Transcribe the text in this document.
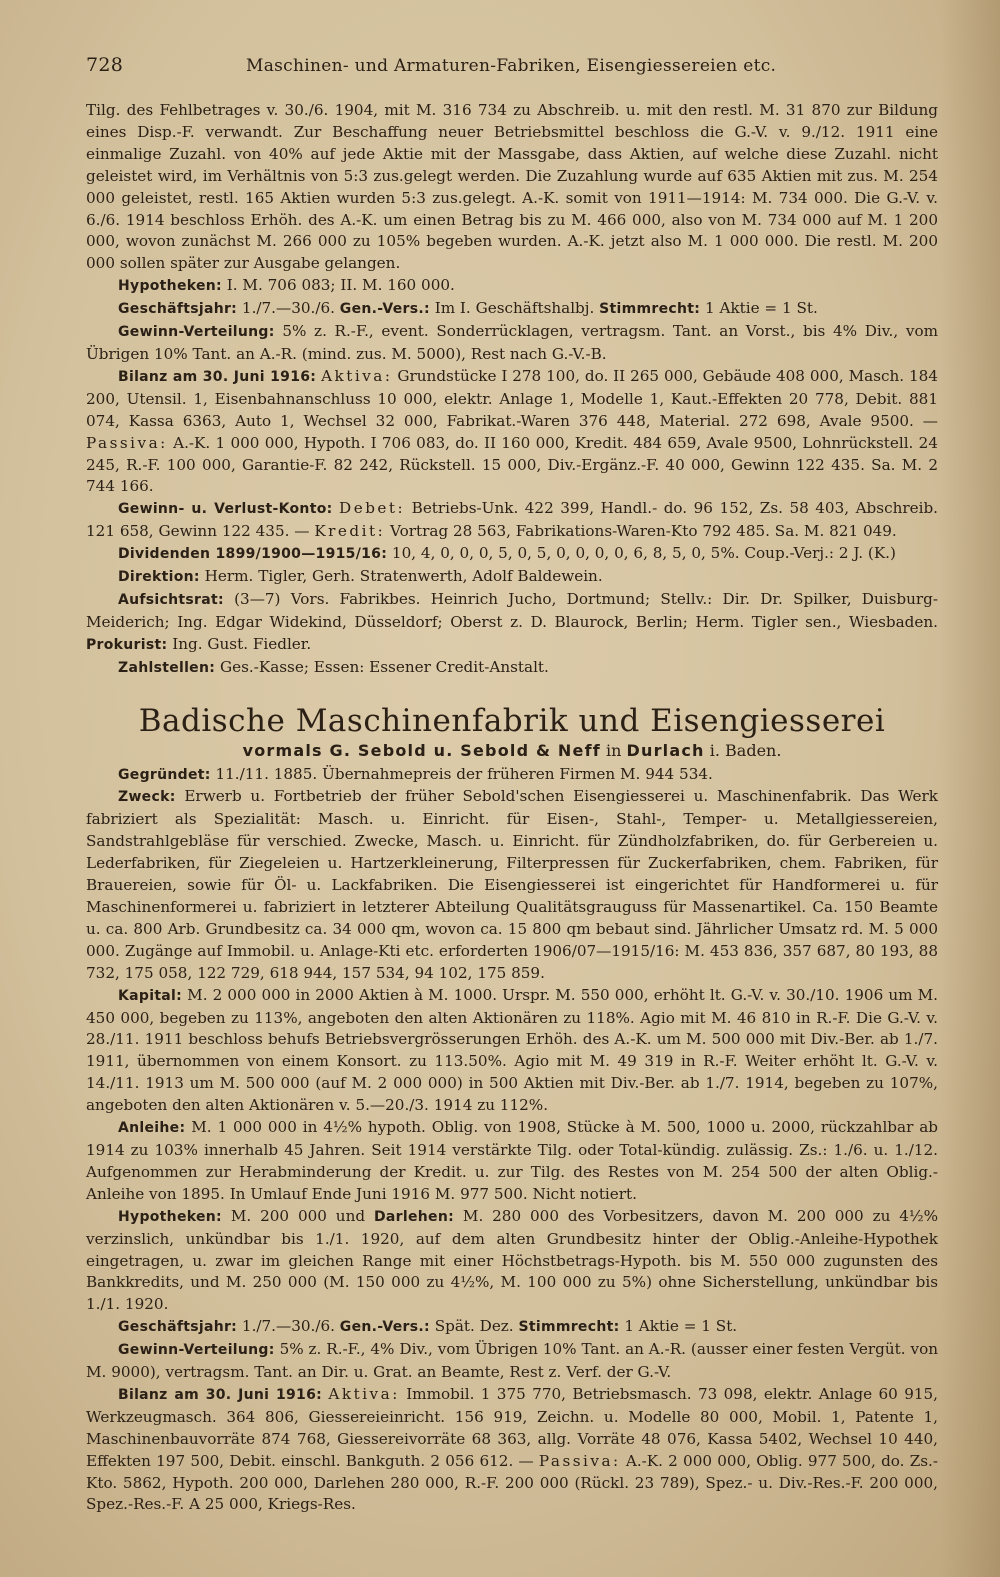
728	Maschinen- und Armaturen-Fabriken, Eisengiessereien etc.

Tilg. des Fehlbetrages v. 30./6. 1904, mit M. 316 734 zu Abschreib. u. mit den restl. M. 31 870 zur Bildung eines Disp.-F. verwandt. Zur Beschaffung neuer Betriebsmittel beschloss die G.-V. v. 9./12. 1911 eine einmalige Zuzahl. von 40% auf jede Aktie mit der Massgabe, dass Aktien, auf welche diese Zuzahl. nicht geleistet wird, im Verhältnis von 5:3 zus.gelegt werden. Die Zuzahlung wurde auf 635 Aktien mit zus. M. 254 000 geleistet, restl. 165 Aktien wurden 5:3 zus.gelegt. A.-K. somit von 1911—1914: M. 734 000. Die G.-V. v. 6./6. 1914 beschloss Erhöh. des A.-K. um einen Betrag bis zu M. 466 000, also von M. 734 000 auf M. 1 200 000, wovon zunächst M. 266 000 zu 105% begeben wurden. A.-K. jetzt also M. 1 000 000. Die restl. M. 200 000 sollen später zur Ausgabe gelangen.

Hypotheken: I. M. 706 083; II. M. 160 000.

Geschäftsjahr: 1./7.—30./6. Gen.-Vers.: Im I. Geschäftshalbj. Stimmrecht: 1 Aktie = 1 St.

Gewinn-Verteilung: 5% z. R.-F., event. Sonderrücklagen, vertragsm. Tant. an Vorst., bis 4% Div., vom Übrigen 10% Tant. an A.-R. (mind. zus. M. 5000), Rest nach G.-V.-B.

Bilanz am 30. Juni 1916: Aktiva: Grundstücke I 278 100, do. II 265 000, Gebäude 408 000, Masch. 184 200, Utensil. 1, Eisenbahnanschluss 10 000, elektr. Anlage 1, Modelle 1, Kaut.-Effekten 20 778, Debit. 881 074, Kassa 6363, Auto 1, Wechsel 32 000, Fabrikat.-Waren 376 448, Material. 272 698, Avale 9500. — Passiva: A.-K. 1 000 000, Hypoth. I 706 083, do. II 160 000, Kredit. 484 659, Avale 9500, Lohnrückstell. 24 245, R.-F. 100 000, Garantie-F. 82 242, Rückstell. 15 000, Div.-Ergänz.-F. 40 000, Gewinn 122 435. Sa. M. 2 744 166.

Gewinn- u. Verlust-Konto: Debet: Betriebs-Unk. 422 399, Handl.- do. 96 152, Zs. 58 403, Abschreib. 121 658, Gewinn 122 435. — Kredit: Vortrag 28 563, Fabrikations-Waren-Kto 792 485. Sa. M. 821 049.

Dividenden 1899/1900—1915/16: 10, 4, 0, 0, 0, 5, 0, 5, 0, 0, 0, 0, 6, 8, 5, 0, 5%. Coup.-Verj.: 2 J. (K.)

Direktion: Herm. Tigler, Gerh. Stratenwerth, Adolf Baldewein.

Aufsichtsrat: (3—7) Vors. Fabrikbes. Heinrich Jucho, Dortmund; Stellv.: Dir. Dr. Spilker, Duisburg-Meiderich; Ing. Edgar Widekind, Düsseldorf; Oberst z. D. Blaurock, Berlin; Herm. Tigler sen., Wiesbaden. Prokurist: Ing. Gust. Fiedler.

Zahlstellen: Ges.-Kasse; Essen: Essener Credit-Anstalt.

Badische Maschinenfabrik und Eisengiesserei
vormals G. Sebold u. Sebold & Neff in Durlach i. Baden.

Gegründet: 11./11. 1885. Übernahmepreis der früheren Firmen M. 944 534.

Zweck: Erwerb u. Fortbetrieb der früher Sebold'schen Eisengiesserei u. Maschinenfabrik. Das Werk fabriziert als Spezialität: Masch. u. Einricht. für Eisen-, Stahl-, Temper- u. Metallgiessereien, Sandstrahlgebläse für verschied. Zwecke, Masch. u. Einricht. für Zündholzfabriken, do. für Gerbereien u. Lederfabriken, für Ziegeleien u. Hartzerkleinerung, Filterpressen für Zuckerfabriken, chem. Fabriken, für Brauereien, sowie für Öl- u. Lackfabriken. Die Eisengiesserei ist eingerichtet für Handformerei u. für Maschinenformerei u. fabriziert in letzterer Abteilung Qualitätsgrauguss für Massenartikel. Ca. 150 Beamte u. ca. 800 Arb. Grundbesitz ca. 34 000 qm, wovon ca. 15 800 qm bebaut sind. Jährlicher Umsatz rd. M. 5 000 000. Zugänge auf Immobil. u. Anlage-Kti etc. erforderten 1906/07—1915/16: M. 453 836, 357 687, 80 193, 88 732, 175 058, 122 729, 618 944, 157 534, 94 102, 175 859.

Kapital: M. 2 000 000 in 2000 Aktien à M. 1000. Urspr. M. 550 000, erhöht lt. G.-V. v. 30./10. 1906 um M. 450 000, begeben zu 113%, angeboten den alten Aktionären zu 118%. Agio mit M. 46 810 in R.-F. Die G.-V. v. 28./11. 1911 beschloss behufs Betriebsvergrösserungen Erhöh. des A.-K. um M. 500 000 mit Div.-Ber. ab 1./7. 1911, übernommen von einem Konsort. zu 113.50%. Agio mit M. 49 319 in R.-F. Weiter erhöht lt. G.-V. v. 14./11. 1913 um M. 500 000 (auf M. 2 000 000) in 500 Aktien mit Div.-Ber. ab 1./7. 1914, begeben zu 107%, angeboten den alten Aktionären v. 5.—20./3. 1914 zu 112%.

Anleihe: M. 1 000 000 in 4½% hypoth. Oblig. von 1908, Stücke à M. 500, 1000 u. 2000, rückzahlbar ab 1914 zu 103% innerhalb 45 Jahren. Seit 1914 verstärkte Tilg. oder Total-kündig. zulässig. Zs.: 1./6. u. 1./12. Aufgenommen zur Herabminderung der Kredit. u. zur Tilg. des Restes von M. 254 500 der alten Oblig.-Anleihe von 1895. In Umlauf Ende Juni 1916 M. 977 500. Nicht notiert.

Hypotheken: M. 200 000 und Darlehen: M. 280 000 des Vorbesitzers, davon M. 200 000 zu 4½% verzinslich, unkündbar bis 1./1. 1920, auf dem alten Grundbesitz hinter der Oblig.-Anleihe-Hypothek eingetragen, u. zwar im gleichen Range mit einer Höchstbetrags-Hypoth. bis M. 550 000 zugunsten des Bankkredits, und M. 250 000 (M. 150 000 zu 4½%, M. 100 000 zu 5%) ohne Sicherstellung, unkündbar bis 1./1. 1920.

Geschäftsjahr: 1./7.—30./6. Gen.-Vers.: Spät. Dez. Stimmrecht: 1 Aktie = 1 St.

Gewinn-Verteilung: 5% z. R.-F., 4% Div., vom Übrigen 10% Tant. an A.-R. (ausser einer festen Vergüt. von M. 9000), vertragsm. Tant. an Dir. u. Grat. an Beamte, Rest z. Verf. der G.-V.

Bilanz am 30. Juni 1916: Aktiva: Immobil. 1 375 770, Betriebsmasch. 73 098, elektr. Anlage 60 915, Werkzeugmasch. 364 806, Giessereieinricht. 156 919, Zeichn. u. Modelle 80 000, Mobil. 1, Patente 1, Maschinenbauvorräte 874 768, Giessereivorräte 68 363, allg. Vorräte 48 076, Kassa 5402, Wechsel 10 440, Effekten 197 500, Debit. einschl. Bankguth. 2 056 612. — Passiva: A.-K. 2 000 000, Oblig. 977 500, do. Zs.-Kto. 5862, Hypoth. 200 000, Darlehen 280 000, R.-F. 200 000 (Rückl. 23 789), Spez.- u. Div.-Res.-F. 200 000, Spez.-Res.-F. A 25 000, Kriegs-Res.
